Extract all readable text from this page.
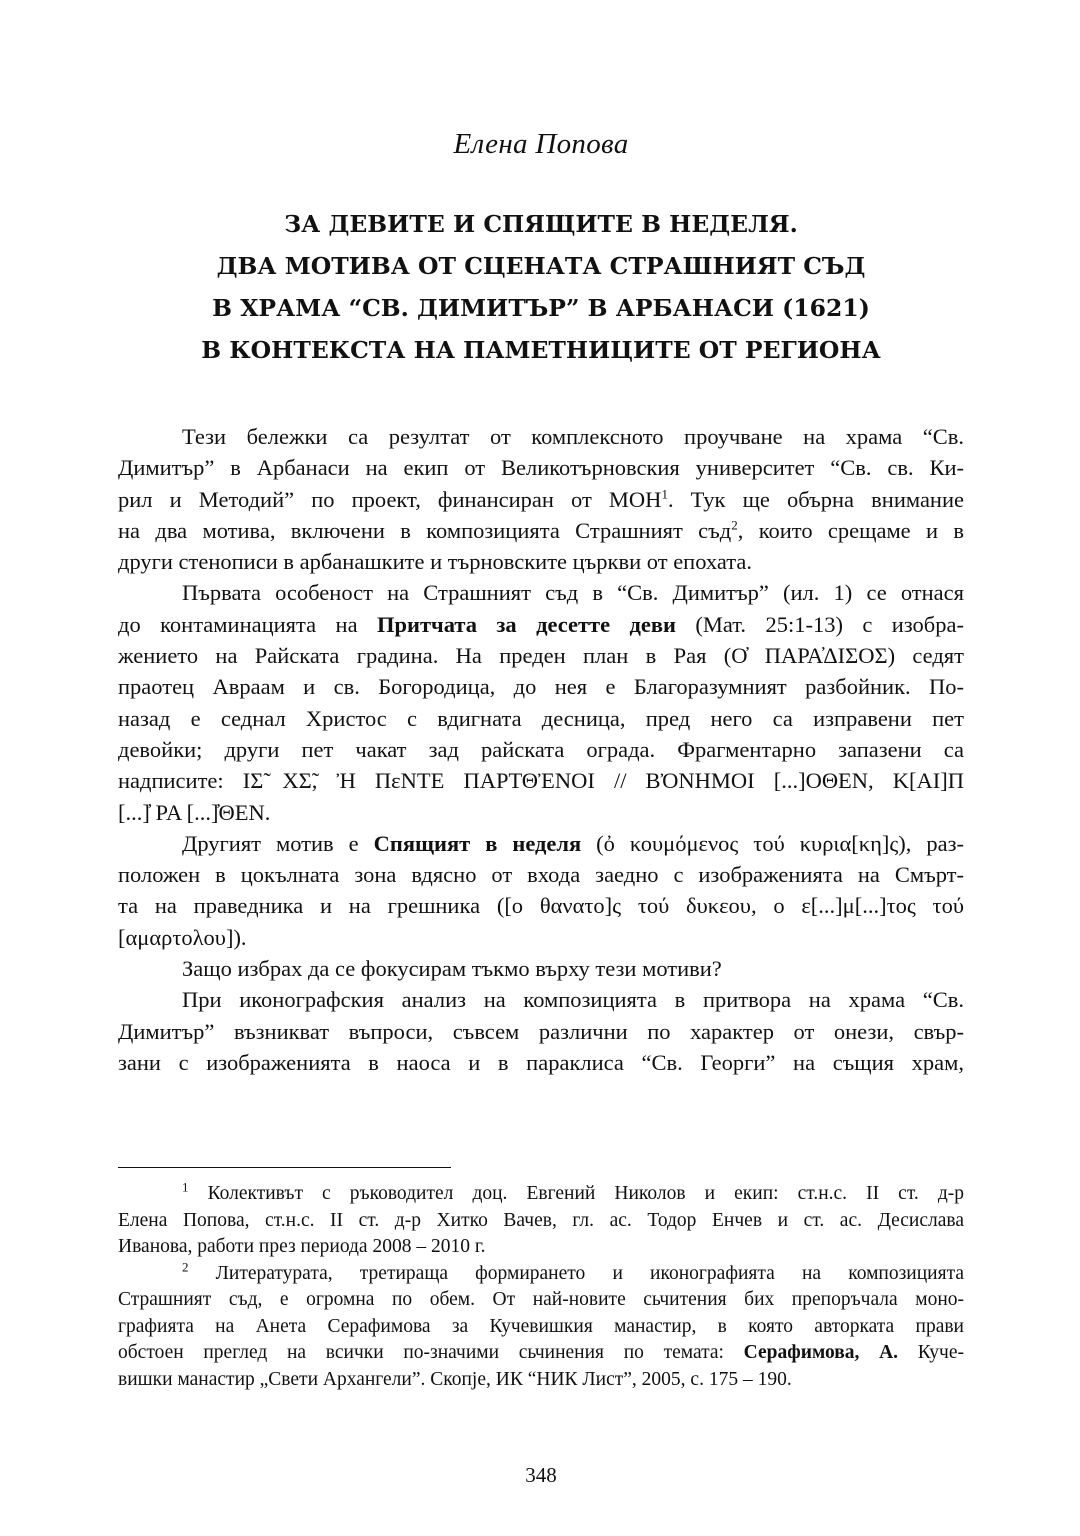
Елена Попова
ЗА ДЕВИТЕ И СПЯЩИТЕ В НЕДЕЛЯ.
ДВА МОТИВА ОТ СЦЕНАТА СТРАШНИЯТ СЪД
В ХРАМА “СВ. ДИМИТЪР” В АРБАНАСИ (1621)
В КОНТЕКСТА НА ПАМЕТНИЦИТЕ ОТ РЕГИОНА
Тези бележки са резултат от комплексното проучване на храма “Св.
Димитър” в Арбанаси на екип от Великотърновския университет “Св. св. Ки-
рил и Методий” по проект, финансиран от МОН$^1$. Тук ще обърна внимание
на два мотива, включени в композицията Страшният съд$^2$, които срещаме и в
други стенописи в арбанашките и търновските църкви от епохата.
Първата особеност на Страшният съд в “Св. Димитър” (ил. 1) се отнася
до контаминацията на Притчата за десетте деви (Мат. 25:1-13) с изобра-
жението на Райската градина. На преден план в Рая (О̓ ПАРА̓ΔΙΣΟΣ) седят
праотец Авраам и св. Богородица, до нея е Благоразумният разбойник. По-
назад е седнал Христос с вдигната десница, пред него са изправени пет
девойки; други пет чакат зад райската ограда. Фрагментарно запазени са
надписите: ΙΣ̃ ΧΣ̃, Ἠ ΠεΝΤΕ ΠΑΡΤΘἘΝΟΙ // ΒὈΝΗΜΟΙ [...]ΟΘΕΝ, Κ[ΑΙ]Π
[...]̓ ΡΑ [...]̓ΘΕΝ.
Другият мотив е Спящият в неделя (ὀ κουμόμενος τού κυρια[κη]ς), раз-
положен в цокълната зона вдясно от входа заедно с изображенията на Смърт-
та на праведника и на грешника ([ο θανατο]ς τού δυκεου, ο ε[...]μ[...]τος τού
[αμαρτολου]).
Защо избрах да се фокусирам тъкмо върху тези мотиви?
При иконографския анализ на композицията в притвора на храма “Св.
Димитър” възникват въпроси, съвсем различни по характер от онези, свър-
зани с изображенията в наоса и в параклиса “Св. Георги” на същия храм,
$^1$ Колективът с ръководител доц. Евгений Николов и екип: ст.н.с. II ст. д-р
Елена Попова, ст.н.с. II ст. д-р Хитко Вачев, гл. ас. Тодор Енчев и ст. ас. Десислава
Иванова, работи през периода 2008 – 2010 г.
$^2$ Литературата, третираща формирането и иконографията на композицията
Страшният съд, е огромна по обем. От най-новите сьчитения бих препоръчала моно-
графията на Анета Серафимова за Кучевишкия манастир, в която авторката прави
обстоен преглед на всички по-значими сьчинения по темата: Серафимова, А. Куче-
вишки манастир „Свети Архангели”. Скопjе, ИК “НИК Лист”, 2005, с. 175 – 190.
348
